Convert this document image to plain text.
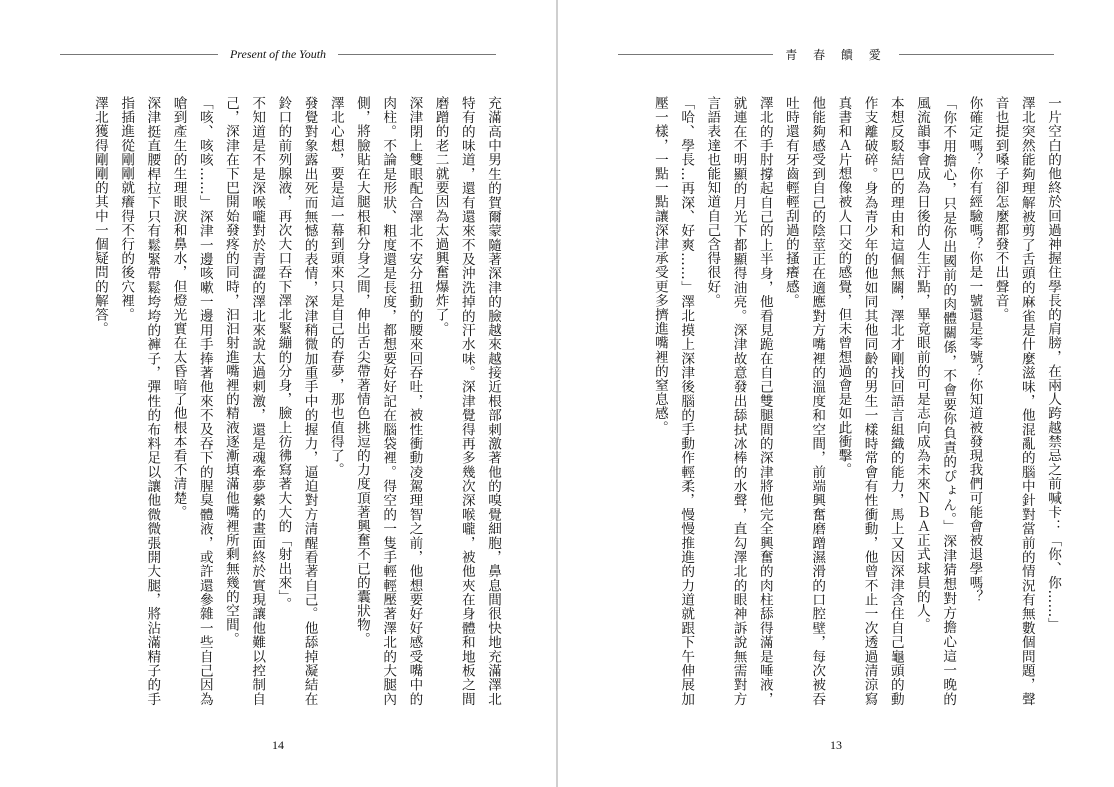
Present of the Youth

充滿高中男生的賀爾蒙隨著深津的臉越來越接近根部刺激著他的嗅覺細胞，鼻息間很快地充滿澤北特有的味道，還有還來不及沖洗掉的汗水味。深津覺得再多幾次深喉嚨，被他夾在身體和地板之間磨蹭的老二就要因為太過興奮爆炸了。

深津閉上雙眼配合澤北不安分扭動的腰來回吞吐，被性衝動凌駕理智之前，他想要好好感受嘴中的肉柱。不論是形狀、粗度還是長度，都想要好好記在腦袋裡。得空的一隻手輕輕壓著澤北的大腿內側，將臉貼在大腿根和分身之間，伸出舌尖帶著情色挑逗的力度頂著興奮不已的囊狀物。

澤北心想，要是這一幕到頭來只是自己的春夢，那也值得了。

發覺對象露出死而無憾的表情，深津稍微加重手中的握力，逼迫對方清醒看著自己。他舔掉凝結在鈴口的前列腺液，再次大口吞下澤北緊繃的分身，臉上彷彿寫著大大的「射出來」。

不知道是不是深喉嚨對於青澀的澤北來說太過刺激，還是魂牽夢縈的畫面終於實現讓他難以控制自己，深津在下巴開始發疼的同時，汩汩射進嘴裡的精液逐漸填滿他嘴裡所剩無幾的空間。

「咳、咳咳……」深津一邊咳嗽一邊用手捧著他來不及吞下的腥臭體液，或許還參雜一些自己因為嗆到產生的生理眼淚和鼻水，但燈光實在太昏暗了他根本看不清楚。

深津挺直腰桿拉下只有鬆緊帶鬆垮垮的褲子，彈性的布料足以讓他微微張開大腿，將沾滿精子的手指插進從剛剛就癢得不行的後穴裡。

澤北獲得剛剛的其中一個疑問的解答。

14
青 春 饋 愛

一片空白的他終於回過神握住學長的肩膀，在兩人跨越禁忌之前喊卡：「你、你……」

澤北突然能夠理解被剪了舌頭的麻雀是什麼滋味，他混亂的腦中針對當前的情況有無數個問題，聲音也提到嗓子卻怎麼都發不出聲音。

你確定嗎？你有經驗嗎？你是一號還是零號？你知道被發現我們可能會被退學嗎？

「你不用擔心，只是你出國前的肉體關係，不會要你負責的ぴょん。」深津猜想對方擔心這一晚的風流韻事會成為日後的人生汙點，畢竟眼前的可是志向成為未來ＮＢＡ正式球員的人。

本想反駁結巴的理由和這個無關，澤北才剛找回語言組織的能力，馬上又因深津含住自己龜頭的動作支離破碎。身為青少年的他如同其他同齡的男生一樣時常會有性衝動，他曾不止一次透過清涼寫真書和Ａ片想像被人口交的感覺，但未曾想過會是如此衝擊。

他能夠感受到自己的陰莖正在適應對方嘴裡的溫度和空間，前端興奮磨蹭濕滑的口腔壁，每次被吞吐時還有牙齒輕輕刮過的搔癢感。

澤北的手肘撐起自己的上半身，他看見跪在自己雙腿間的深津將他完全興奮的肉柱舔得滿是唾液，就連在不明顯的月光下都顯得油亮。深津故意發出舔拭冰棒的水聲，直勾澤北的眼神訴說無需對方言語表達也能知道自己含得很好。

「哈、學長…再深、好爽……」澤北摸上深津後腦的手動作輕柔，慢慢推進的力道就跟下午伸展加壓一樣，一點一點讓深津承受更多擠進嘴裡的窒息感。

13
